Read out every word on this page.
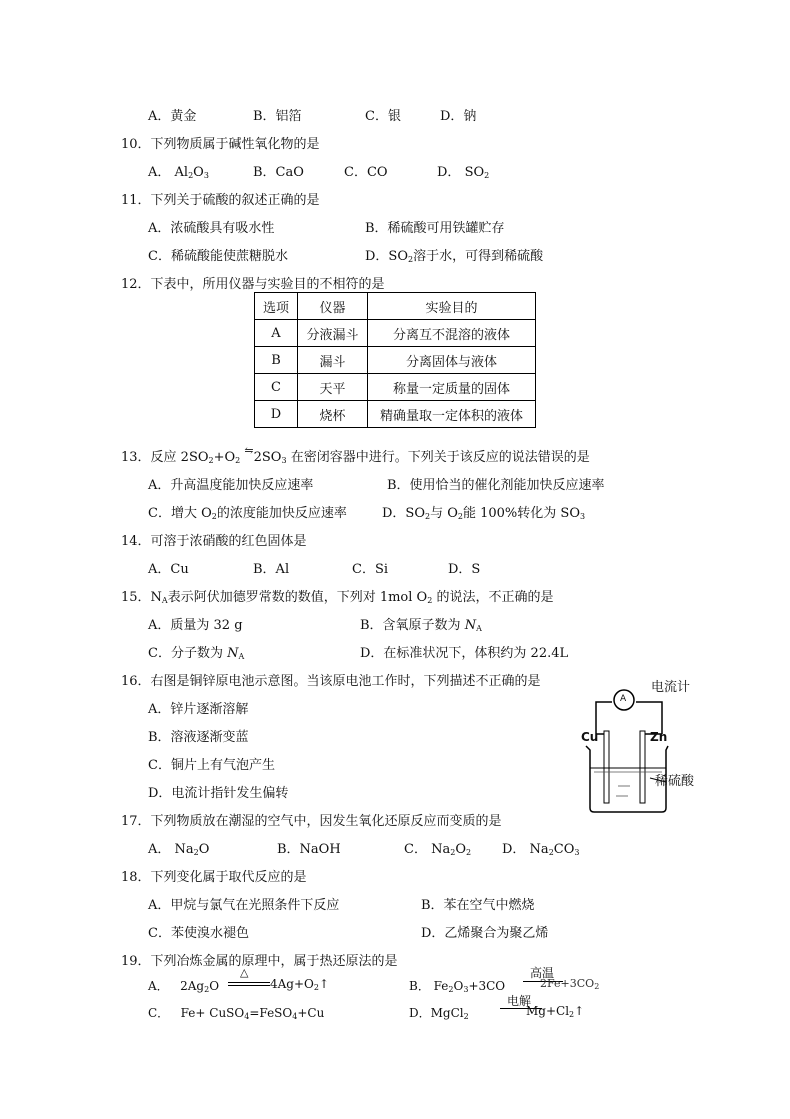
A．黄金	B．铝箔	C．银	D．钠
10．下列物质属于碱性氧化物的是
A． $Al_2O_3$	B．CaO	C．CO	D． $SO_2$
11．下列关于硫酸的叙述正确的是
A．浓硫酸具有吸水性	B．稀硫酸可用铁罐贮存
C．稀硫酸能使蔗糖脱水	D．$SO_2$溶于水，可得到稀硫酸
12．下表中，所用仪器与实验目的不相符的是
选项	仪器	实验目的
A	分液漏斗	分离互不混溶的液体
B	漏斗	分离固体与液体
C	天平	称量一定质量的固体
D	烧杯	精确量取一定体积的液体
13．反应 $2SO_2+O_2$ $^⇋2SO_3$ 在密闭容器中进行。下列关于该反应的说法错误的是
A．升高温度能加快反应速率	B．使用恰当的催化剂能加快反应速率
C．增大 $O_2$的浓度能加快反应速率	D．$SO_2$与 $O_2$能 100%转化为 $SO_3$
14．可溶于浓硝酸的红色固体是
A．Cu	B．Al	C．Si	D．S
15．$N_A$表示阿伏加德罗常数的数值，下列对 1mol $O_2$ 的说法，不正确的是
A．质量为 32 g	B．含氧原子数为 $N_A$
C．分子数为 $N_A$	D．在标准状况下，体积约为 22.4L
16．右图是铜锌原电池示意图。当该原电池工作时，下列描述不正确的是
A．锌片逐渐溶解
B．溶液逐渐变蓝
C．铜片上有气泡产生
D．电流计指针发生偏转
A
电流计
Cu	Zn
稀硫酸
17．下列物质放在潮湿的空气中，因发生氧化还原反应而变质的是
A． $Na_2O$	B．NaOH	C． $Na_2O_2$ D． $Na_2CO_3$
18．下列变化属于取代反应的是
A．甲烷与氯气在光照条件下反应	B．苯在空气中燃烧
C．苯使溴水褪色	D．乙烯聚合为聚乙烯
19．下列冶炼金属的原理中，属于热还原法的是
A．   $2Ag_2O$
△
$4Ag+O_2↑$	B． $Fe_2O_3+3CO$
高温
$2Fe+3CO_2$
C．   Fe+ CuSO$_4$=FeSO$_4$+Cu	D．MgCl$_2$
电解
$Mg+Cl_2↑$
